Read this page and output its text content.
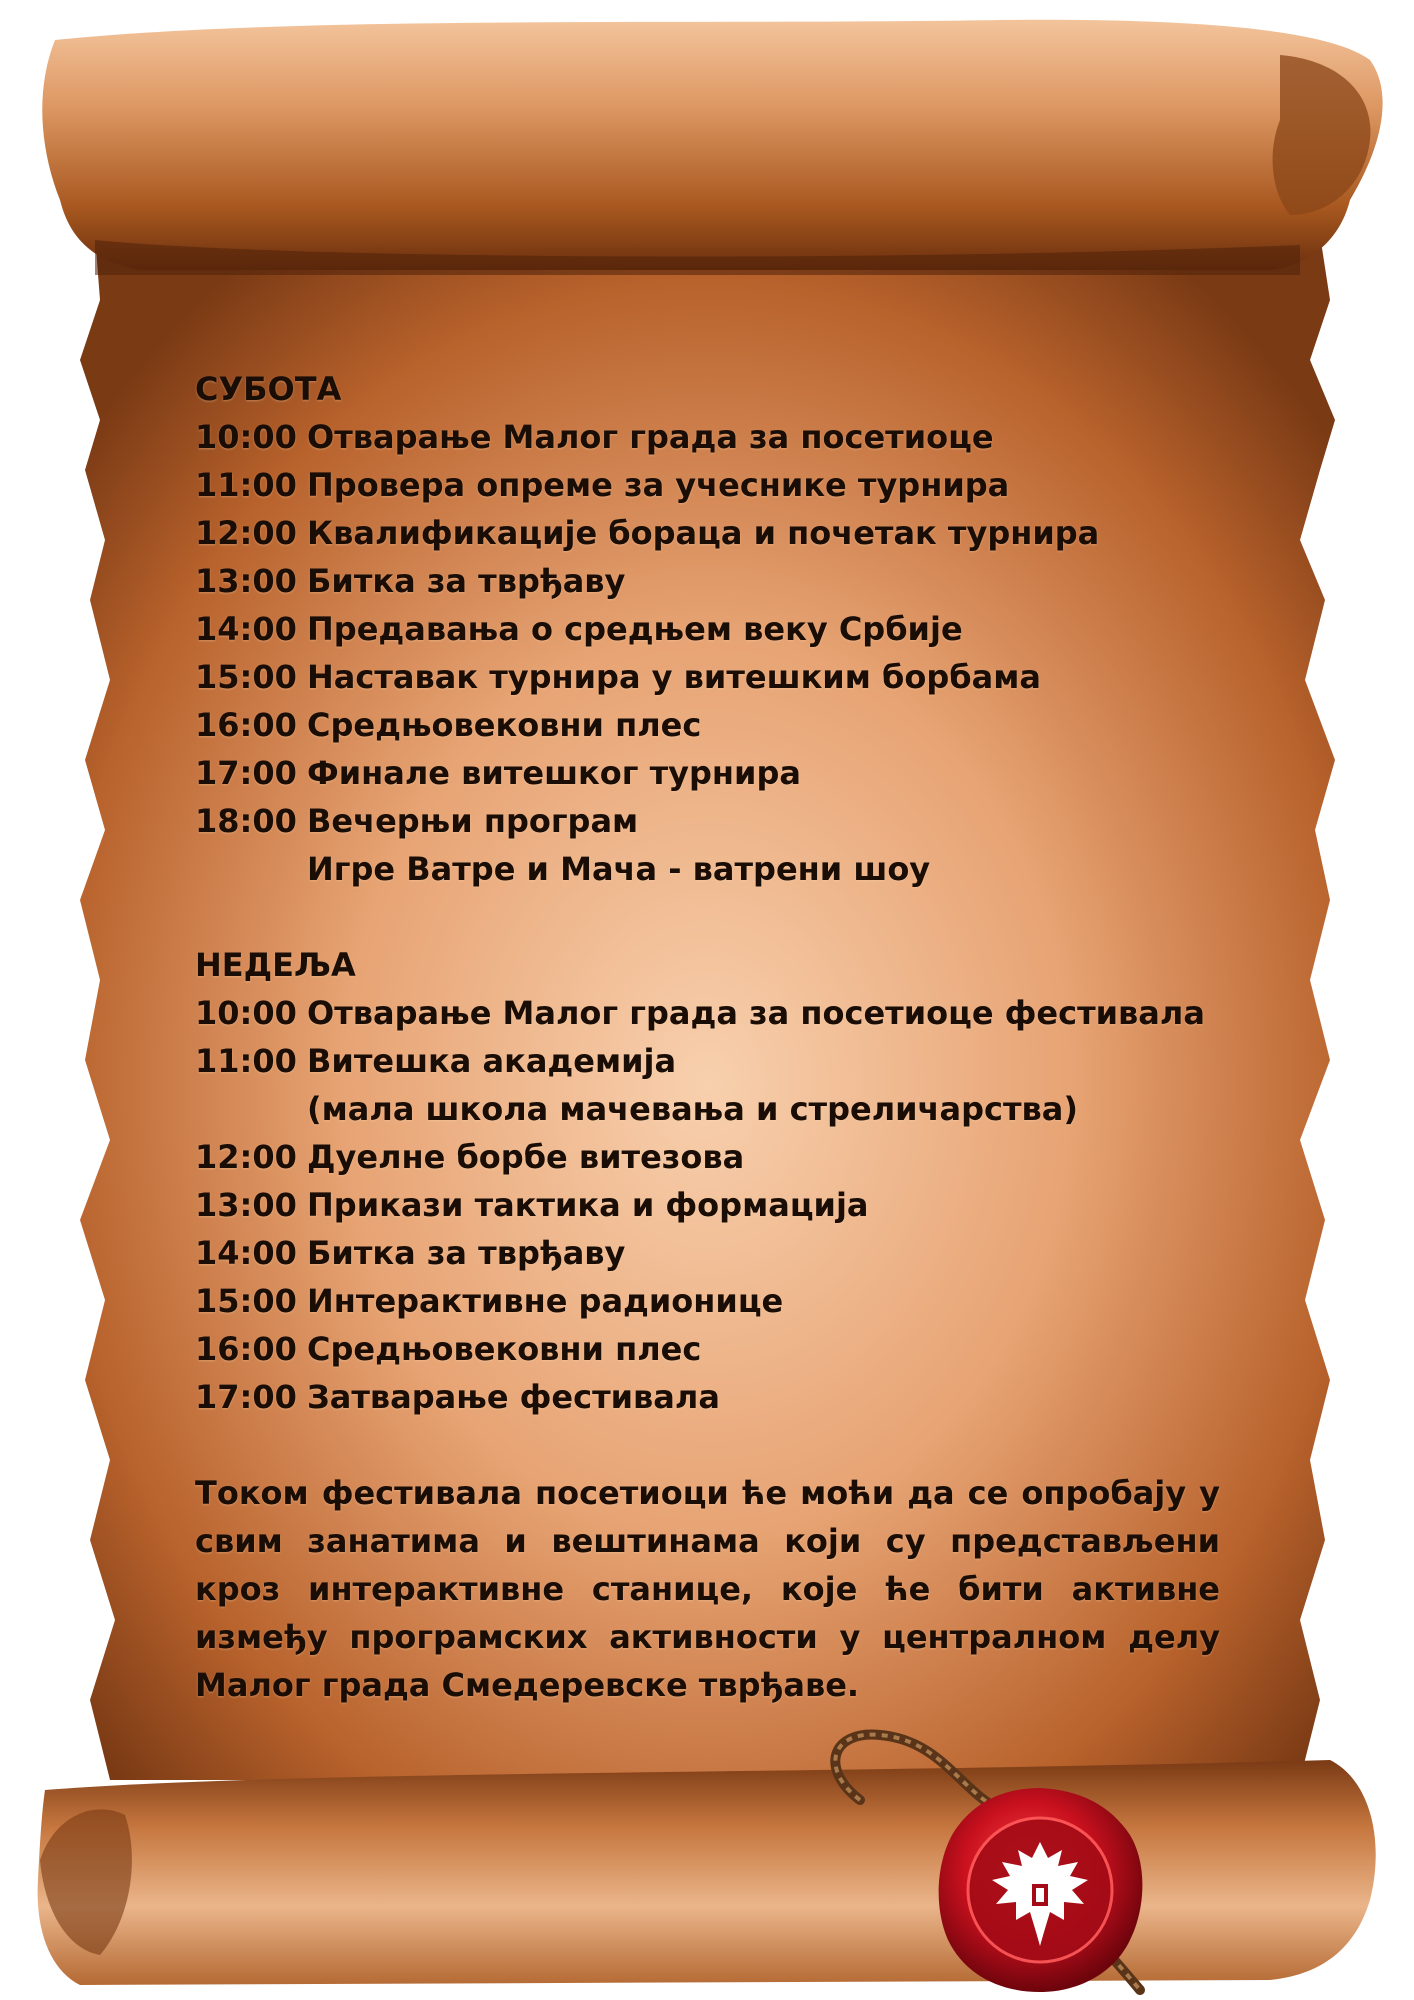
СУБОТА
10:00 Отварање Малог града за посетиоце
11:00 Провера опреме за учеснике турнира
12:00 Квалификације бораца и почетак турнира
13:00 Битка за тврђаву
14:00 Предавања о средњем веку Србије
15:00 Наставак турнира у витешким борбама
16:00 Средњовековни плес
17:00 Финале витешког турнира
18:00 Вечерњи програм
Игре Ватре и Мача - ватрени шоу
НЕДЕЉА
10:00 Отварање Малог града за посетиоце фестивала
11:00 Витешка академија
(мала школа мачевања и стреличарства)
12:00 Дуелне борбе витезова
13:00 Прикази тактика и формација
14:00 Битка за тврђаву
15:00 Интерактивне радионице
16:00 Средњовековни плес
17:00 Затварање фестивала
Током фестивала посетиоци ће моћи да се опробају у свим занатима и вештинама који су представљени кроз интерактивне станице, које ће бити активне између програмских активности у централном делу Малог града Смедеревске тврђаве.
